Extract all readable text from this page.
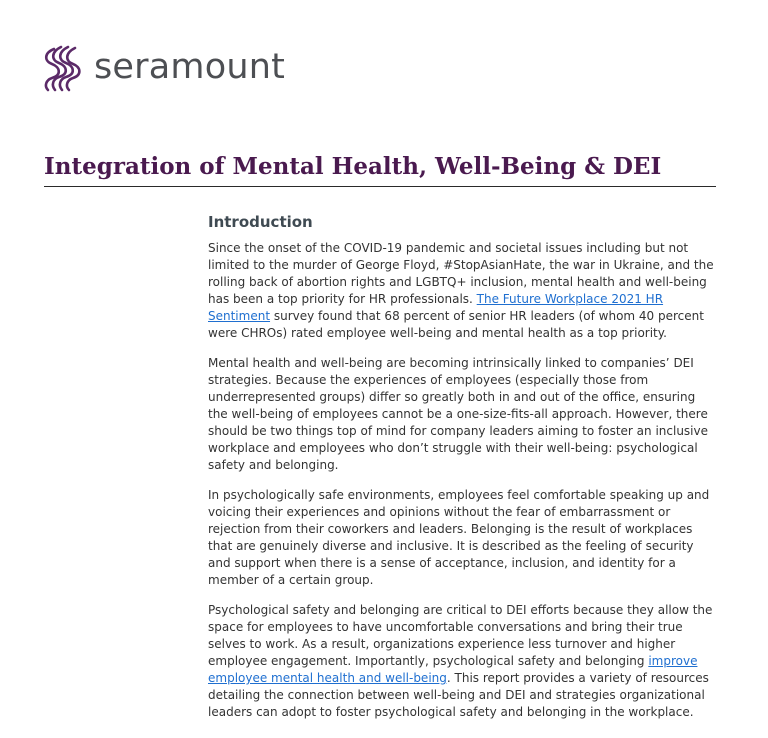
seramount
Integration of Mental Health, Well-Being & DEI
Introduction

Since the onset of the COVID-19 pandemic and societal issues including but not limited to the murder of George Floyd, #StopAsianHate, the war in Ukraine, and the rolling back of abortion rights and LGBTQ+ inclusion, mental health and well-being has been a top priority for HR professionals. The Future Workplace 2021 HR Sentiment survey found that 68 percent of senior HR leaders (of whom 40 percent were CHROs) rated employee well-being and mental health as a top priority.

Mental health and well-being are becoming intrinsically linked to companies’ DEI strategies. Because the experiences of employees (especially those from underrepresented groups) differ so greatly both in and out of the office, ensuring the well-being of employees cannot be a one-size-fits-all approach. However, there should be two things top of mind for company leaders aiming to foster an inclusive workplace and employees who don’t struggle with their well-being: psychological safety and belonging.

In psychologically safe environments, employees feel comfortable speaking up and voicing their experiences and opinions without the fear of embarrassment or rejection from their coworkers and leaders. Belonging is the result of workplaces that are genuinely diverse and inclusive. It is described as the feeling of security and support when there is a sense of acceptance, inclusion, and identity for a member of a certain group.

Psychological safety and belonging are critical to DEI efforts because they allow the space for employees to have uncomfortable conversations and bring their true selves to work. As a result, organizations experience less turnover and higher employee engagement. Importantly, psychological safety and belonging improve employee mental health and well-being. This report provides a variety of resources detailing the connection between well-being and DEI and strategies organizational leaders can adopt to foster psychological safety and belonging in the workplace.
